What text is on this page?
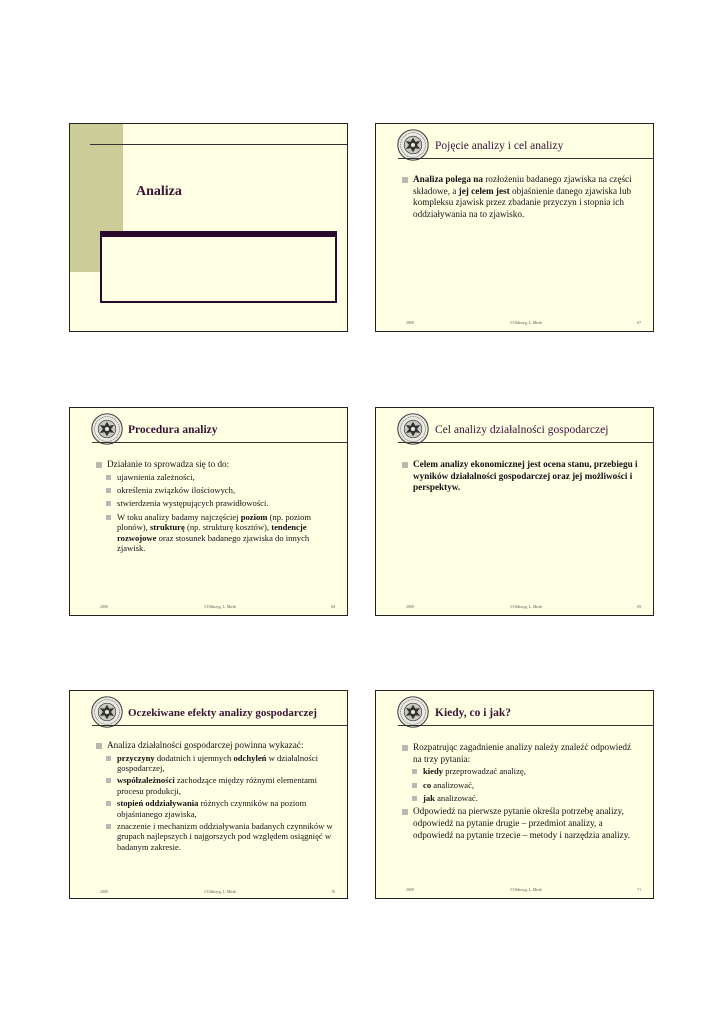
Analiza
Pojęcie analizy i cel analizy
Analiza polega na rozłożeniu badanego zjawiska na części składowe, a jej celem jest objaśnienie danego zjawiska lub kompleksu zjawisk przez zbadanie przyczyn i stopnia ich oddziaływania na to zjawisko.
2008	©Oliňczyg, L. Mirek	67
Procedura analizy
Działanie to sprowadza się to do:
ujawnienia zależności,
określenia związków ilościowych,
stwierdzenia występujących prawidłowości.
W toku analizy badamy najczęściej poziom (np. poziom plonów), strukturę (np. strukturę kosztów), tendencje rozwojowe oraz stosunek badanego zjawiska do innych zjawisk.
2008	©Oliňczyg, L. Mirek	68
Cel analizy działalności gospodarczej
Celem analizy ekonomicznej jest ocena stanu, przebiegu i wyników działalności gospodarczej oraz jej możliwości i perspektyw.
2008	©Oliňczyg, L. Mirek	69
Oczekiwane efekty analizy gospodarczej
Analiza działalności gospodarczej powinna wykazać:
przyczyny dodatnich i ujemnych odchyleń w działalności gospodarczej,
współzależności zachodzące między różnymi elementami procesu produkcji,
stopień oddziaływania różnych czynników na poziom objaśnianego zjawiska,
znaczenie i mechanizm oddziaływania badanych czynników w grupach najlepszych i najgorszych pod względem osiągnięć w badanym zakresie.
2008	©Oliňczyg, L. Mirek	70
Kiedy, co i jak?
Rozpatrując zagadnienie analizy należy znaleźć odpowiedź na trzy pytania:
kiedy przeprowadzać analizę,
co analizować,
jak analizować.
Odpowiedź na pierwsze pytanie określa potrzebę analizy, odpowiedź na pytanie drugie – przedmiot analizy, a odpowiedź na pytanie trzecie – metody i narzędzia analizy.
2008	©Oliňczyg, L. Mirek	71
